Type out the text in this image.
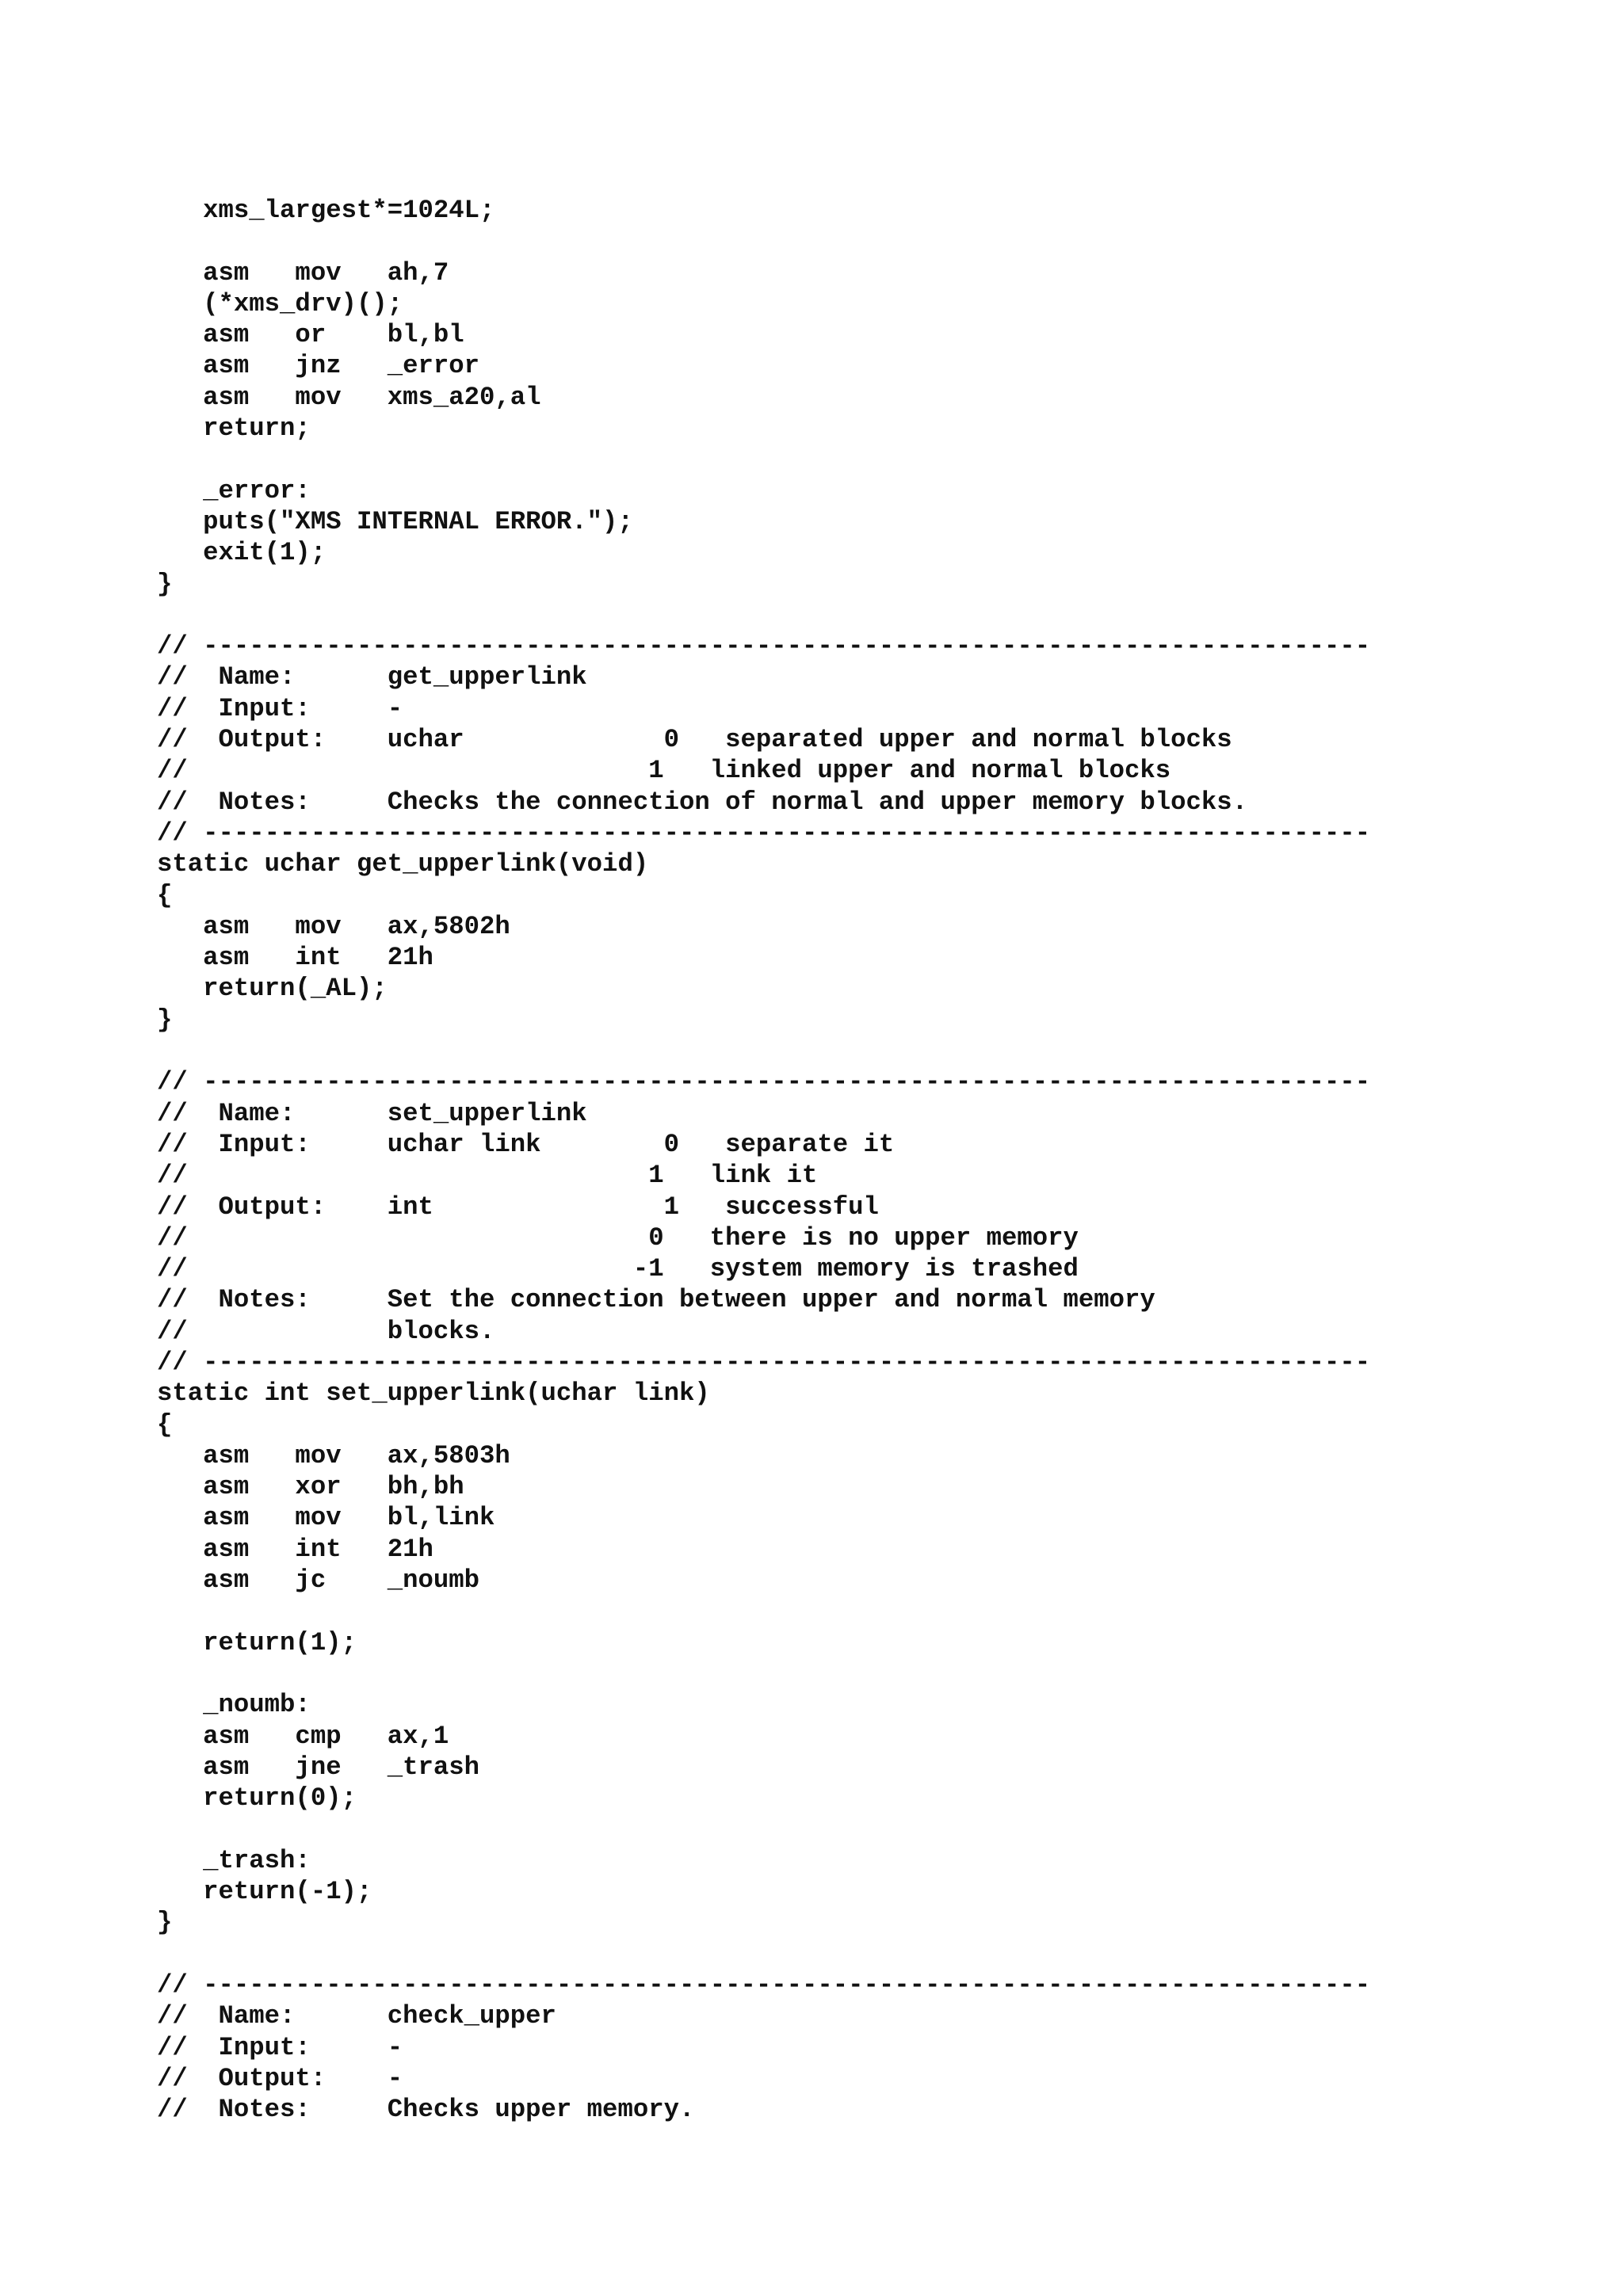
xms_largest*=1024L;
asm   mov   ah,7
(*xms_drv)();
asm   or    bl,bl
asm   jnz   _error
asm   mov   xms_a20,al
return;
_error:
puts("XMS INTERNAL ERROR.");
exit(1);
}
// ----------------------------------------------------------------------------
//  Name:      get_upperlink
//  Input:     -
//  Output:    uchar             0   separated upper and normal blocks
//                              1   linked upper and normal blocks
//  Notes:     Checks the connection of normal and upper memory blocks.
// ----------------------------------------------------------------------------
static uchar get_upperlink(void)
{
asm   mov   ax,5802h
asm   int   21h
return(_AL);
}
// ----------------------------------------------------------------------------
//  Name:      set_upperlink
//  Input:     uchar link        0   separate it
//                              1   link it
//  Output:    int               1   successful
//                              0   there is no upper memory
//                             -1   system memory is trashed
//  Notes:     Set the connection between upper and normal memory
//             blocks.
// ----------------------------------------------------------------------------
static int set_upperlink(uchar link)
{
asm   mov   ax,5803h
asm   xor   bh,bh
asm   mov   bl,link
asm   int   21h
asm   jc    _noumb
return(1);
_noumb:
asm   cmp   ax,1
asm   jne   _trash
return(0);
_trash:
return(-1);
}
// ----------------------------------------------------------------------------
//  Name:      check_upper
//  Input:     -
//  Output:    -
//  Notes:     Checks upper memory.
